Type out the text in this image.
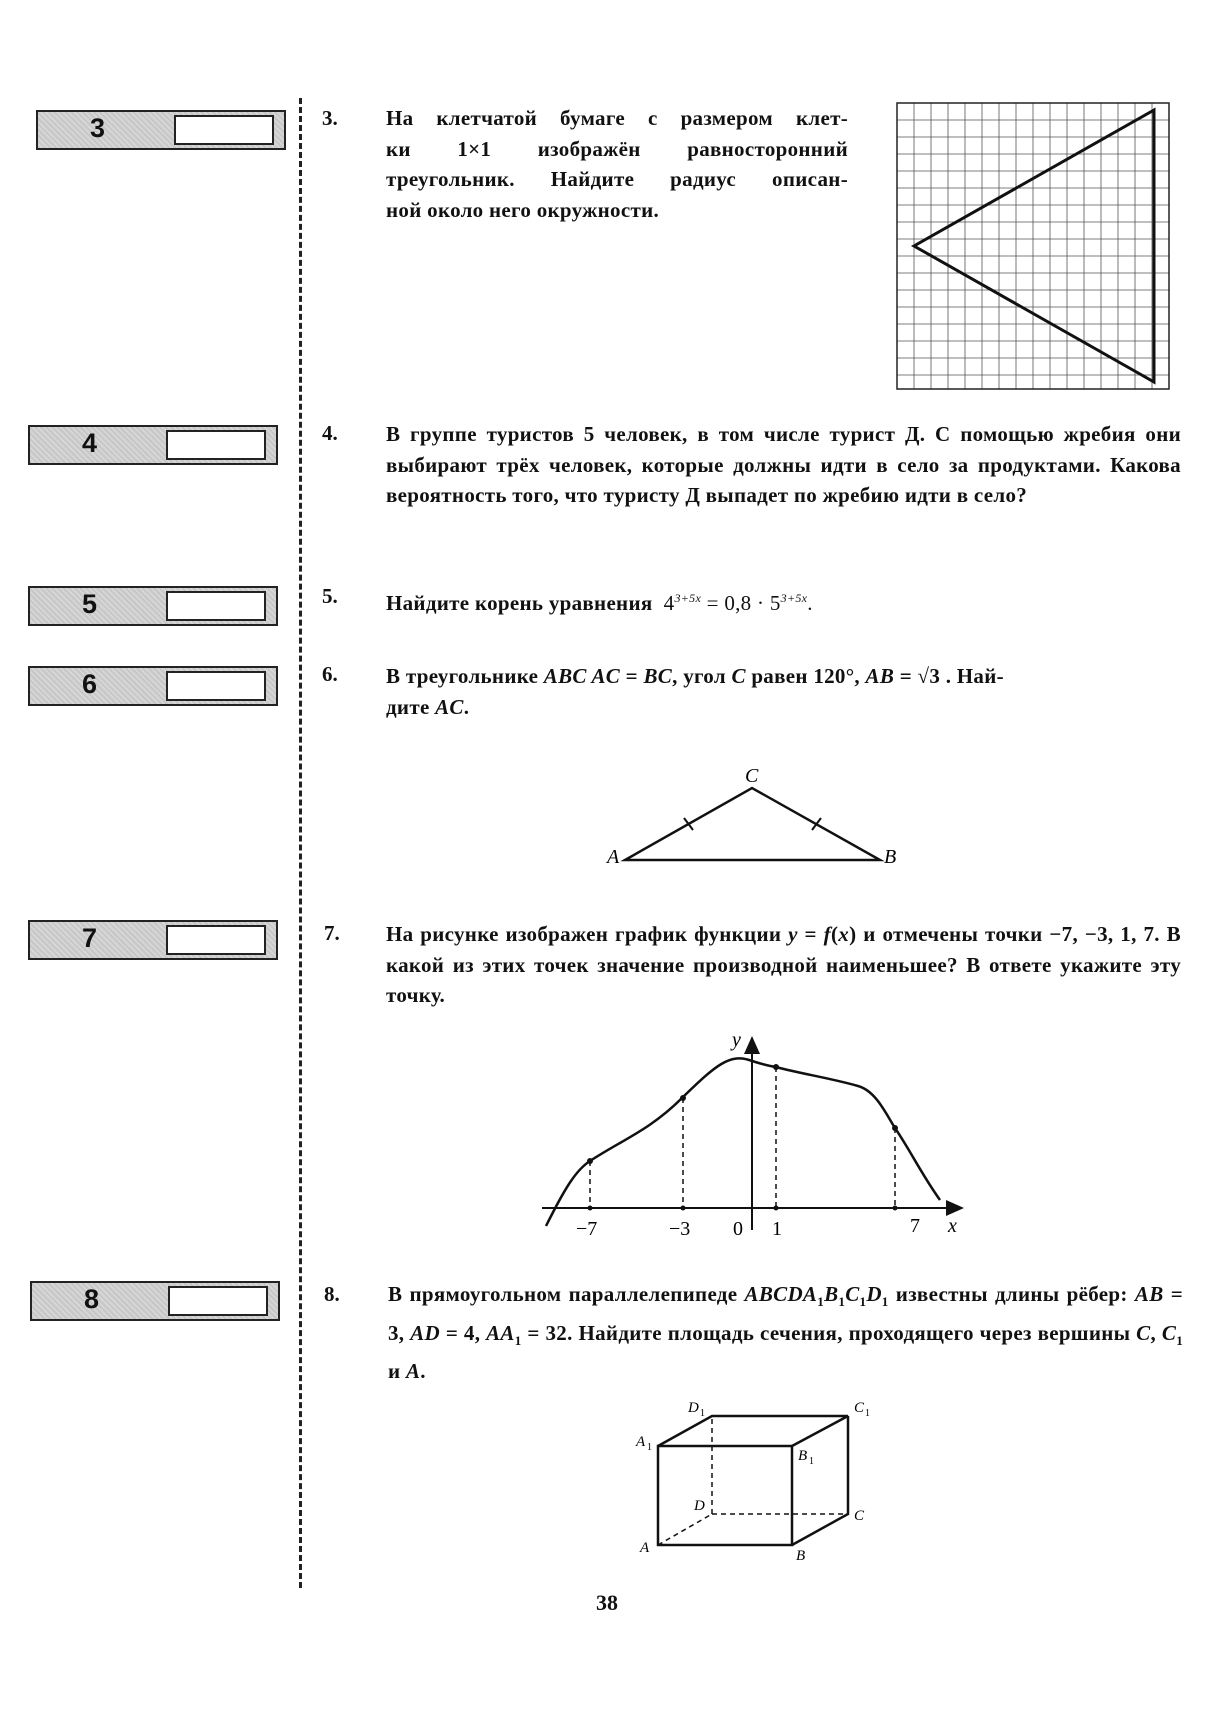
3
4
5
6
7
8
3. На клетчатой бумаге с размером клет-
ки 1×1 изображён равносторонний
треугольник. Найдите радиус описан-
ной около него окружности.
4. В группе туристов 5 человек, в том числе турист Д. С помощью жребия они выбирают трёх человек, которые должны идти в село за продуктами. Какова вероятность того, что туристу Д выпадет по жребию идти в село?
5. Найдите корень уравнения $4^{3+5x} = 0,8 \cdot 5^{3+5x}$.
6. В треугольнике ABC AC = BC, угол C равен 120°, AB = √3 . Най-
дите AC.
A	B
C
7. На рисунке изображен график функции y = f(x) и отмечены точки −7, −3, 1, 7. В какой из этих точек значение производной наименьшее? В ответе укажите эту точку.
y
x
−7	−3 0 1	7
8. В прямоугольном параллелепипеде $ABCDA_1B_1C_1D_1$ известны длины рёбер: AB = 3, AD = 4, $AA_1 = 32$. Найдите площадь сечения, проходящего через вершины C, $C_1$ и A.
A	B
C
D
A 1
B 1
C 1
D 1
38
